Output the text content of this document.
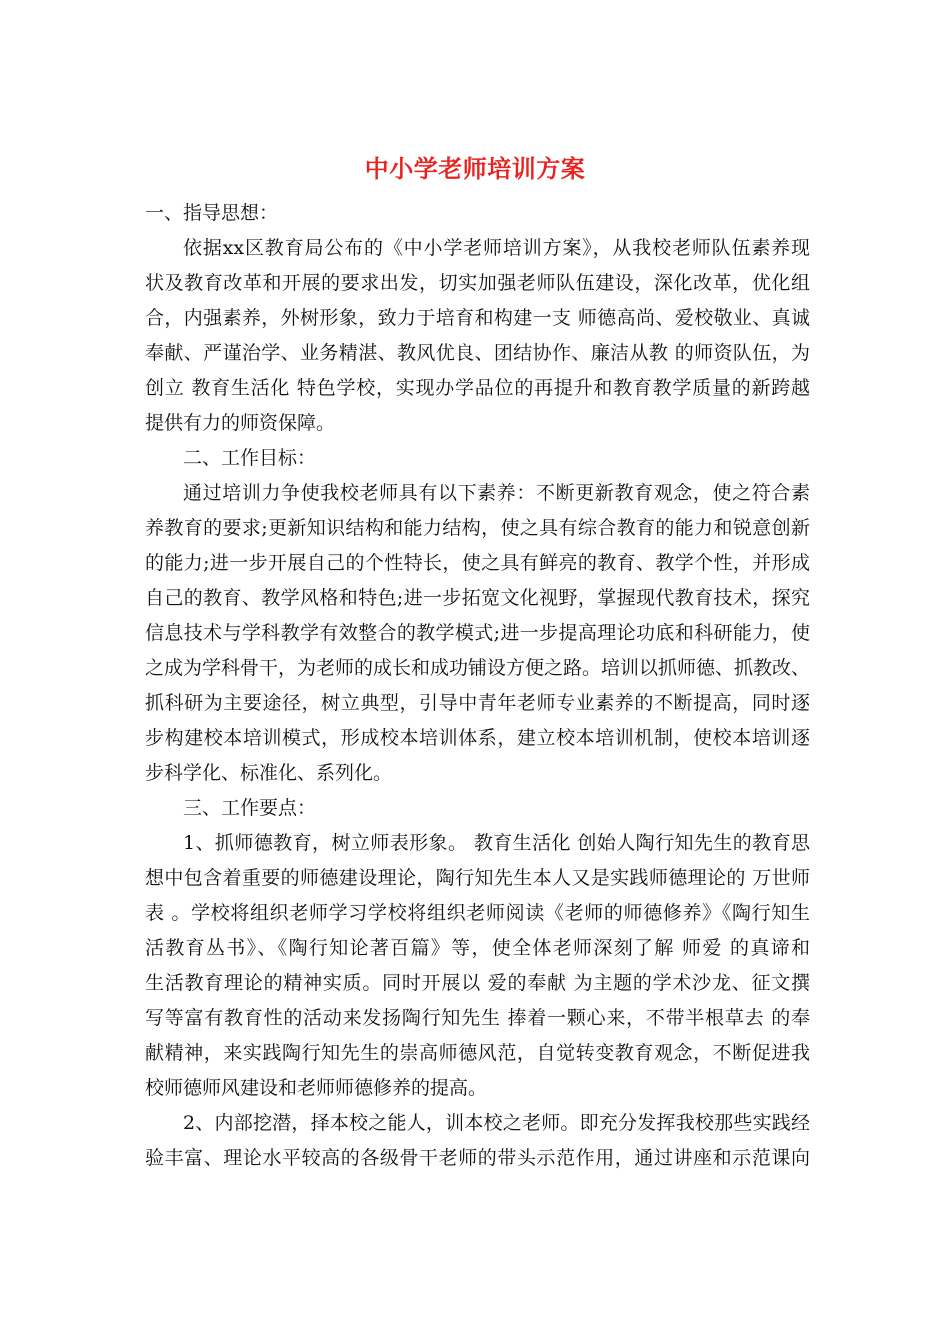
中小学老师培训方案
一、指导思想：
依据xx区教育局公布的《中小学老师培训方案》，从我校老师队伍素养现
状及教育改革和开展的要求出发，切实加强老师队伍建设，深化改革，优化组
合，内强素养，外树形象，致力于培育和构建一支 师德高尚、爱校敬业、真诚
奉献、严谨治学、业务精湛、教风优良、团结协作、廉洁从教 的师资队伍，为
创立 教育生活化 特色学校，实现办学品位的再提升和教育教学质量的新跨越
提供有力的师资保障。
二、工作目标：
通过培训力争使我校老师具有以下素养：不断更新教育观念，使之符合素
养教育的要求;更新知识结构和能力结构，使之具有综合教育的能力和锐意创新
的能力;进一步开展自己的个性特长，使之具有鲜亮的教育、教学个性，并形成
自己的教育、教学风格和特色;进一步拓宽文化视野，掌握现代教育技术，探究
信息技术与学科教学有效整合的教学模式;进一步提高理论功底和科研能力，使
之成为学科骨干，为老师的成长和成功铺设方便之路。培训以抓师德、抓教改、
抓科研为主要途径，树立典型，引导中青年老师专业素养的不断提高，同时逐
步构建校本培训模式，形成校本培训体系，建立校本培训机制，使校本培训逐
步科学化、标准化、系列化。
三、工作要点：
1、抓师德教育，树立师表形象。 教育生活化 创始人陶行知先生的教育思
想中包含着重要的师德建设理论，陶行知先生本人又是实践师德理论的 万世师
表 。学校将组织老师学习学校将组织老师阅读《老师的师德修养》《陶行知生
活教育丛书》、《陶行知论著百篇》等，使全体老师深刻了解 师爱 的真谛和
生活教育理论的精神实质。同时开展以 爱的奉献 为主题的学术沙龙、征文撰
写等富有教育性的活动来发扬陶行知先生 捧着一颗心来，不带半根草去 的奉
献精神，来实践陶行知先生的崇高师德风范，自觉转变教育观念，不断促进我
校师德师风建设和老师师德修养的提高。
2、内部挖潜，择本校之能人，训本校之老师。即充分发挥我校那些实践经
验丰富、理论水平较高的各级骨干老师的带头示范作用，通过讲座和示范课向
